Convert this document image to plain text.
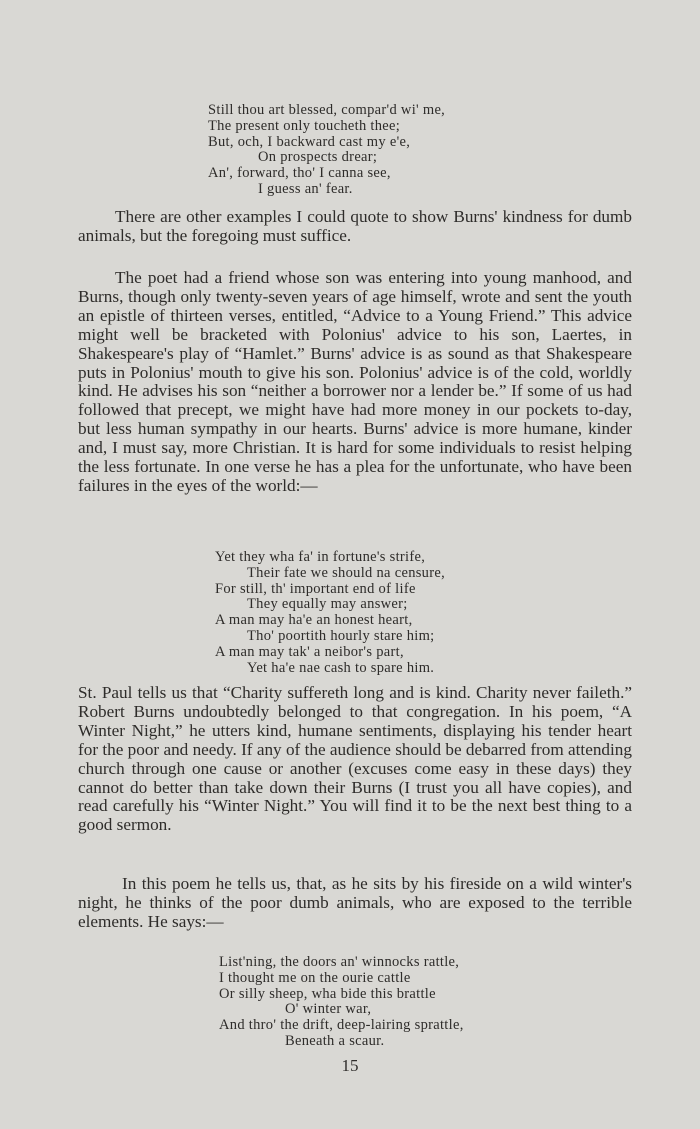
Still thou art blessed, compar'd wi' me,
The present only toucheth thee;
But, och, I backward cast my e'e,
On prospects drear;
An', forward, tho' I canna see,
I guess an' fear.

There are other examples I could quote to show Burns' kindness for dumb animals, but the foregoing must suffice.

The poet had a friend whose son was entering into young manhood, and Burns, though only twenty-seven years of age himself, wrote and sent the youth an epistle of thirteen verses, entitled, “Advice to a Young Friend.” This advice might well be bracketed with Polonius' advice to his son, Laertes, in Shakespeare's play of “Hamlet.” Burns' advice is as sound as that Shakespeare puts in Polonius' mouth to give his son. Polonius' advice is of the cold, worldly kind. He advises his son “neither a borrower nor a lender be.” If some of us had followed that precept, we might have had more money in our pockets to-day, but less human sympathy in our hearts. Burns' advice is more humane, kinder and, I must say, more Christian. It is hard for some individuals to resist helping the less fortunate. In one verse he has a plea for the unfortunate, who have been failures in the eyes of the world:—

Yet they wha fa' in fortune's strife,
Their fate we should na censure,
For still, th' important end of life
They equally may answer;
A man may ha'e an honest heart,
Tho' poortith hourly stare him;
A man may tak' a neibor's part,
Yet ha'e nae cash to spare him.

St. Paul tells us that “Charity suffereth long and is kind. Charity never faileth.” Robert Burns undoubtedly belonged to that congregation. In his poem, “A Winter Night,” he utters kind, humane sentiments, displaying his tender heart for the poor and needy. If any of the audience should be debarred from attending church through one cause or another (excuses come easy in these days) they cannot do better than take down their Burns (I trust you all have copies), and read carefully his “Winter Night.” You will find it to be the next best thing to a good sermon.

In this poem he tells us, that, as he sits by his fireside on a wild winter's night, he thinks of the poor dumb animals, who are exposed to the terrible elements. He says:—

List'ning, the doors an' winnocks rattle,
I thought me on the ourie cattle
Or silly sheep, wha bide this brattle
O' winter war,
And thro' the drift, deep-lairing sprattle,
Beneath a scaur.
15
